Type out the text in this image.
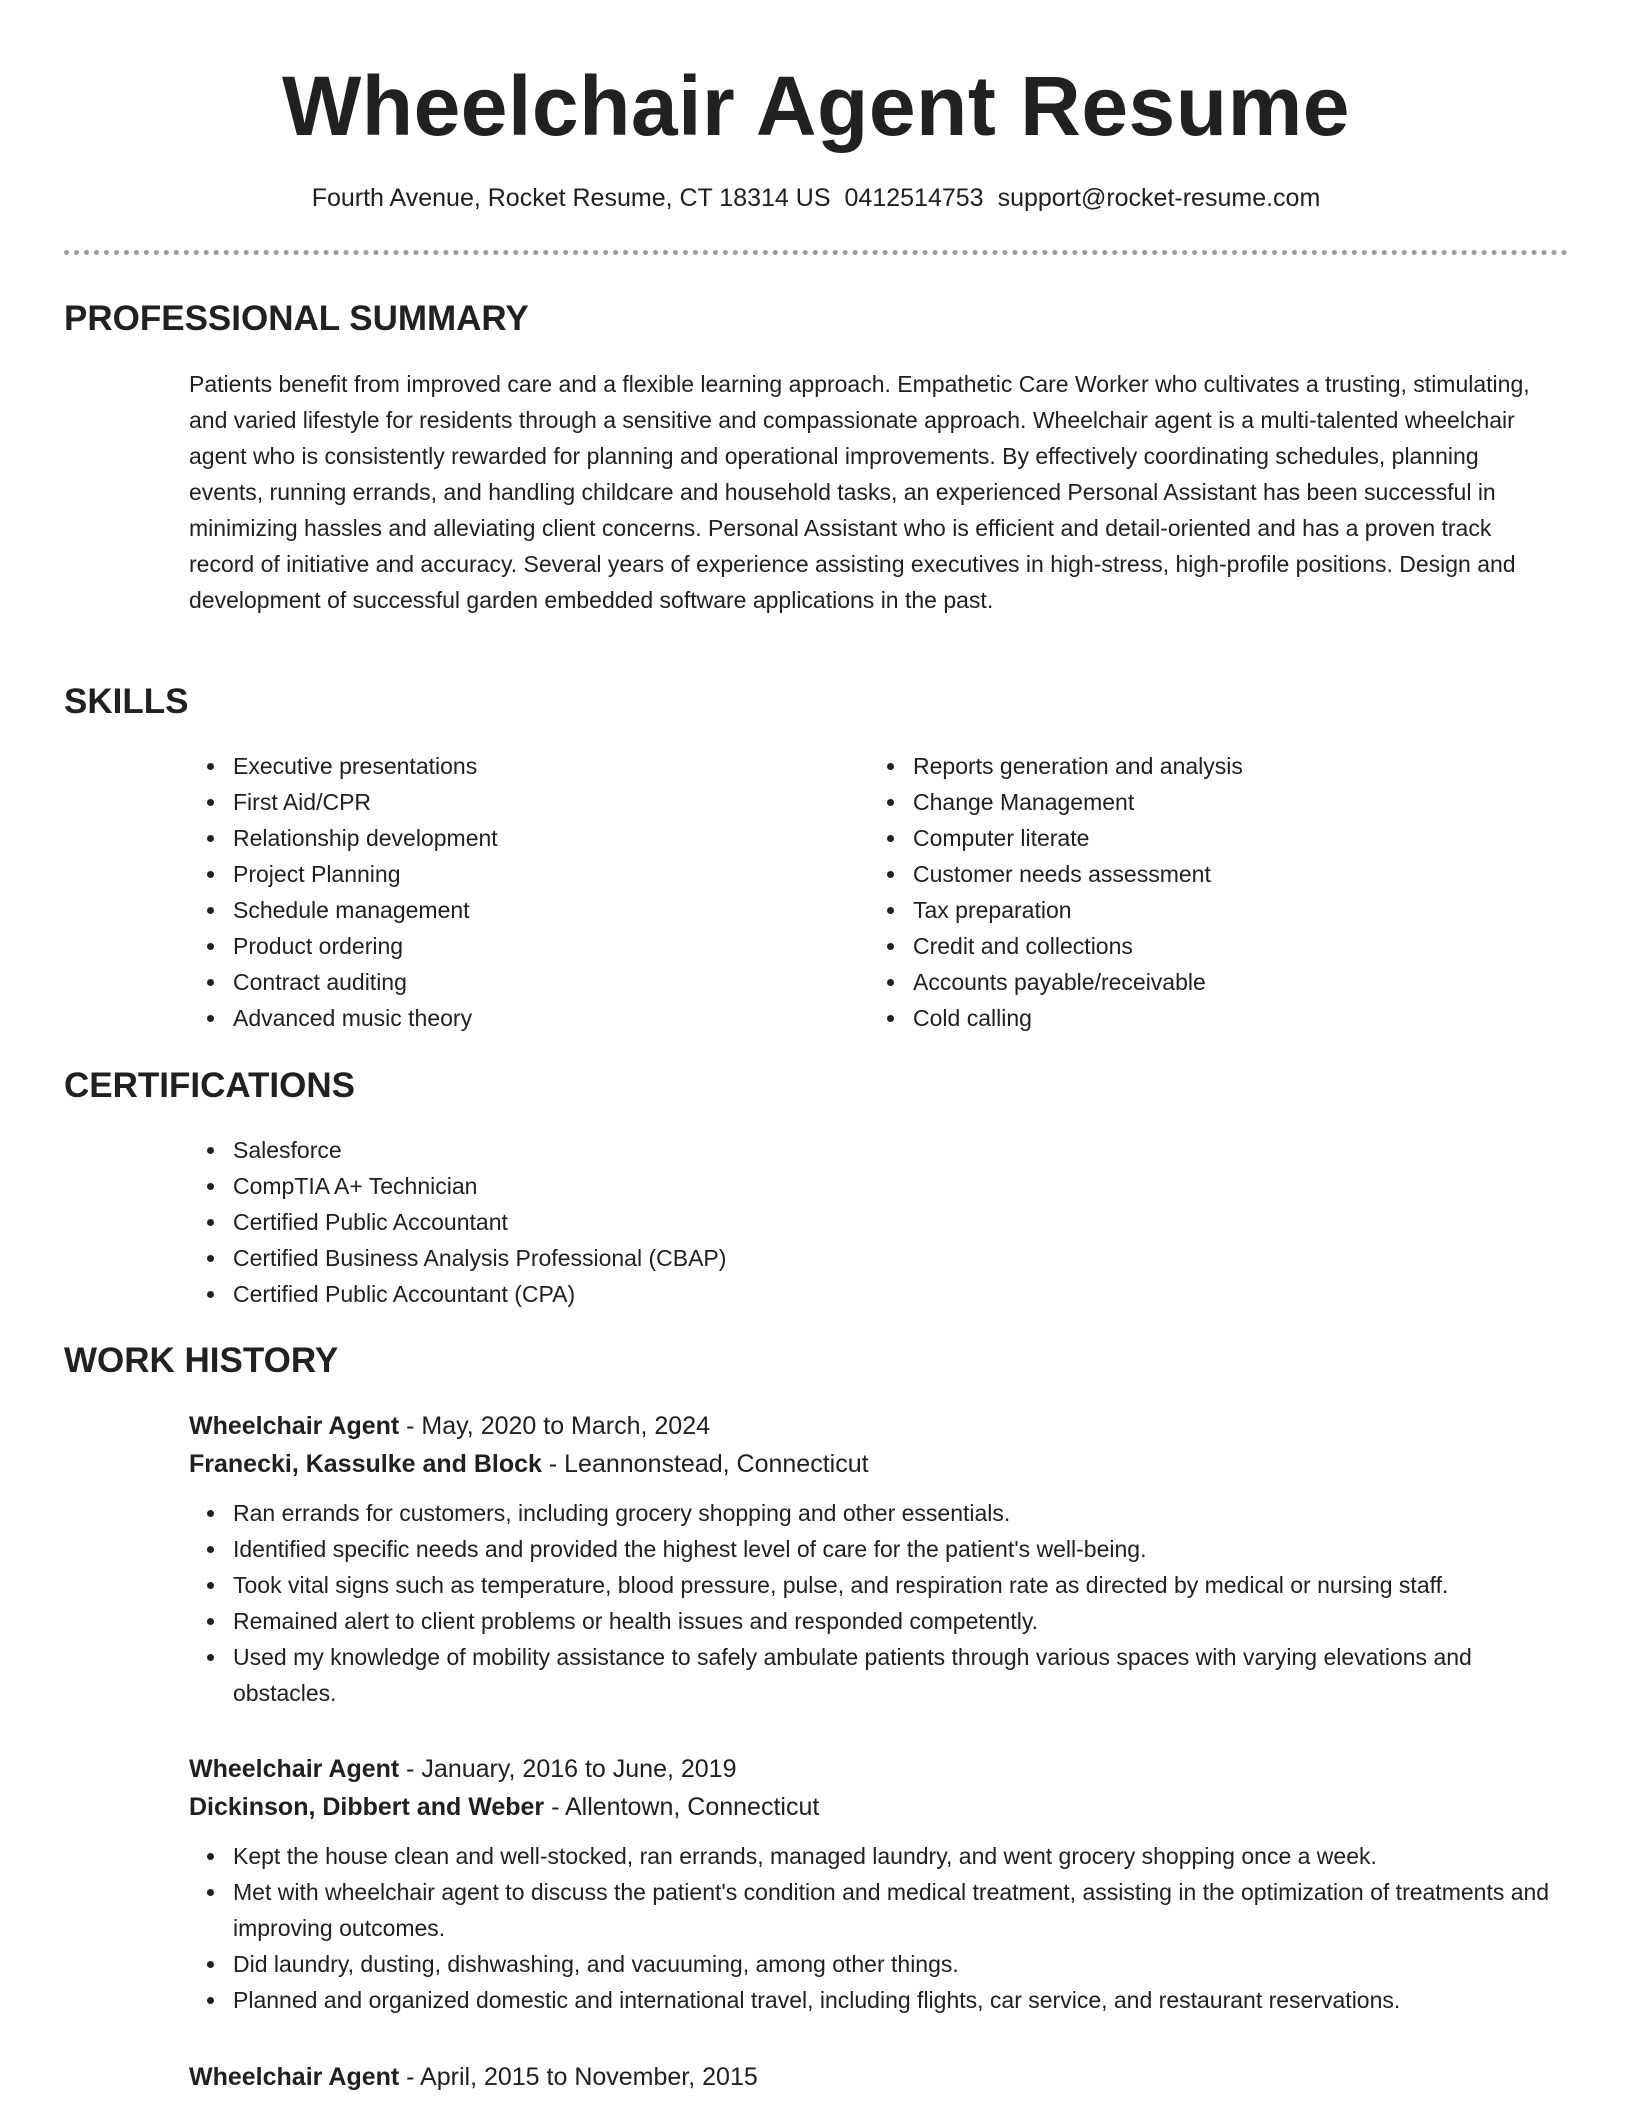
Wheelchair Agent Resume
Fourth Avenue, Rocket Resume, CT 18314 US 0412514753 support@rocket-resume.com
PROFESSIONAL SUMMARY

Patients benefit from improved care and a flexible learning approach. Empathetic Care Worker who cultivates a trusting, stimulating, and varied lifestyle for residents through a sensitive and compassionate approach. Wheelchair agent is a multi-talented wheelchair agent who is consistently rewarded for planning and operational improvements. By effectively coordinating schedules, planning events, running errands, and handling childcare and household tasks, an experienced Personal Assistant has been successful in minimizing hassles and alleviating client concerns. Personal Assistant who is efficient and detail-oriented and has a proven track record of initiative and accuracy. Several years of experience assisting executives in high-stress, high-profile positions. Design and development of successful garden embedded software applications in the past.

SKILLS
Executive presentations
First Aid/CPR
Relationship development
Project Planning
Schedule management
Product ordering
Contract auditing
Advanced music theory
Reports generation and analysis
Change Management
Computer literate
Customer needs assessment
Tax preparation
Credit and collections
Accounts payable/receivable
Cold calling
CERTIFICATIONS
Salesforce
CompTIA A+ Technician
Certified Public Accountant
Certified Business Analysis Professional (CBAP)
Certified Public Accountant (CPA)
WORK HISTORY

Wheelchair Agent - May, 2020 to March, 2024

Franecki, Kassulke and Block - Leannonstead, Connecticut

Ran errands for customers, including grocery shopping and other essentials.
Identified specific needs and provided the highest level of care for the patient's well-being.
Took vital signs such as temperature, blood pressure, pulse, and respiration rate as directed by medical or nursing staff.
Remained alert to client problems or health issues and responded competently.
Used my knowledge of mobility assistance to safely ambulate patients through various spaces with varying elevations and obstacles.

Wheelchair Agent - January, 2016 to June, 2019

Dickinson, Dibbert and Weber - Allentown, Connecticut

Kept the house clean and well-stocked, ran errands, managed laundry, and went grocery shopping once a week.
Met with wheelchair agent to discuss the patient's condition and medical treatment, assisting in the optimization of treatments and improving outcomes.
Did laundry, dusting, dishwashing, and vacuuming, among other things.
Planned and organized domestic and international travel, including flights, car service, and restaurant reservations.

Wheelchair Agent - April, 2015 to November, 2015
